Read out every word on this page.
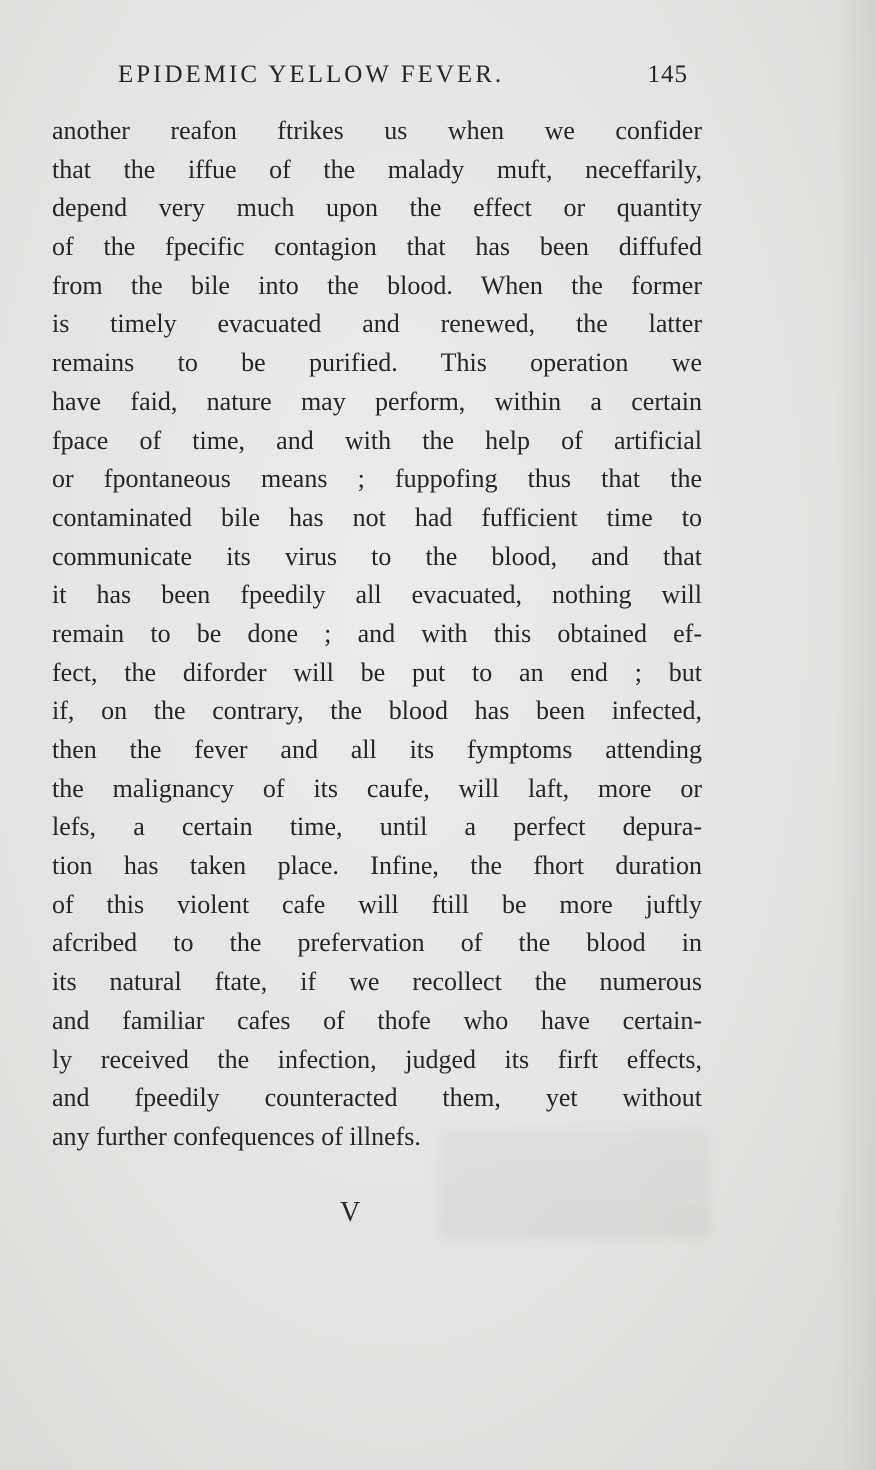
EPIDEMIC YELLOW FEVER.	145
another reafon ftrikes us when we confider
that the iffue of the malady muft, neceffarily,
depend very much upon the effect or quantity
of the fpecific contagion that has been diffufed
from the bile into the blood. When the former
is timely evacuated and renewed, the latter
remains to be purified. This operation we
have faid, nature may perform, within a certain
fpace of time, and with the help of artificial
or fpontaneous means ; fuppofing thus that the
contaminated bile has not had fufficient time to
communicate its virus to the blood, and that
it has been fpeedily all evacuated, nothing will
remain to be done ; and with this obtained ef-
fect, the diforder will be put to an end ; but
if, on the contrary, the blood has been infected,
then the fever and all its fymptoms attending
the malignancy of its caufe, will laft, more or
lefs, a certain time, until a perfect depura-
tion has taken place. Infine, the fhort duration
of this violent cafe will ftill be more juftly
afcribed to the prefervation of the blood in
its natural ftate, if we recollect the numerous
and familiar cafes of thofe who have certain-
ly received the infection, judged its firft effects,
and fpeedily counteracted them, yet without
any further confequences of illnefs.
V
